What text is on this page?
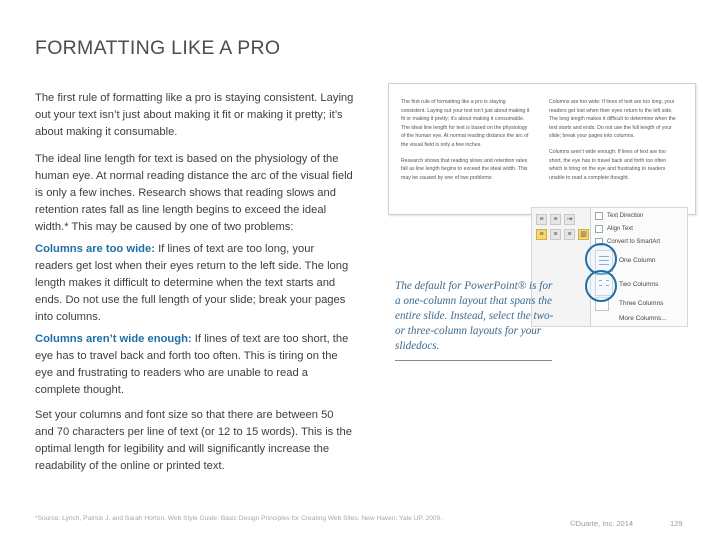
FORMATTING LIKE A PRO

The first rule of formatting like a pro is staying consistent. Laying out your text isn’t just about making it fit or making it pretty; it’s about making it consumable.

The ideal line length for text is based on the physiology of the human eye. At normal reading distance the arc of the visual field is only a few inches. Research shows that reading slows and retention rates fall as line length begins to exceed the ideal width.* This may be caused by one of two problems:

Columns are too wide: If lines of text are too long, your readers get lost when their eyes return to the left side. The long length makes it difficult to determine when the text starts and ends. Do not use the full length of your slide; break your pages into columns.

Columns aren’t wide enough: If lines of text are too short, the eye has to travel back and forth too often. This is tiring on the eye and frustrating to readers who are unable to read a complete thought.

Set your columns and font size so that there are between 50 and 70 characters per line of text (or 12 to 15 words). This is the optimal length for legibility and will significantly increase the readability of the online or printed text.

The first rule of formatting like a pro is staying consistent. Laying out your text isn’t just about making it fit or making it pretty; it’s about making it consumable. The ideal line length for text is based on the physiology of the human eye. At normal reading distance the arc of the visual field is only a few inches.

Research shows that reading slows and retention rates fall as line length begins to exceed the ideal width. This may be caused by one of two problems:

Columns are too wide: If lines of text are too long, your readers get lost when their eyes return to the left side. The long length makes it difficult to determine when the text starts and ends. Do not use the full length of your slide; break your pages into columns.

Columns aren’t wide enough: If lines of text are too short, the eye has to travel back and forth too often which is tiring on the eye and frustrating to readers unable to read a complete thought.

≡	≡	⇥
≡	≡	≡	▥
Text Direction
Align Text
Convert to SmartArt
One Column
Two Columns
Three Columns
More Columns...
The default for PowerPoint® is for a one-column layout that spans the entire slide. Instead, select the two- or three-column layouts for your slidedocs.
*Source: Lynch, Patrick J. and Sarah Horton. Web Style Guide: Basic Design Principles for Creating Web Sites. New Haven: Yale UP, 2009.
©Duarte, Inc. 2014	129
